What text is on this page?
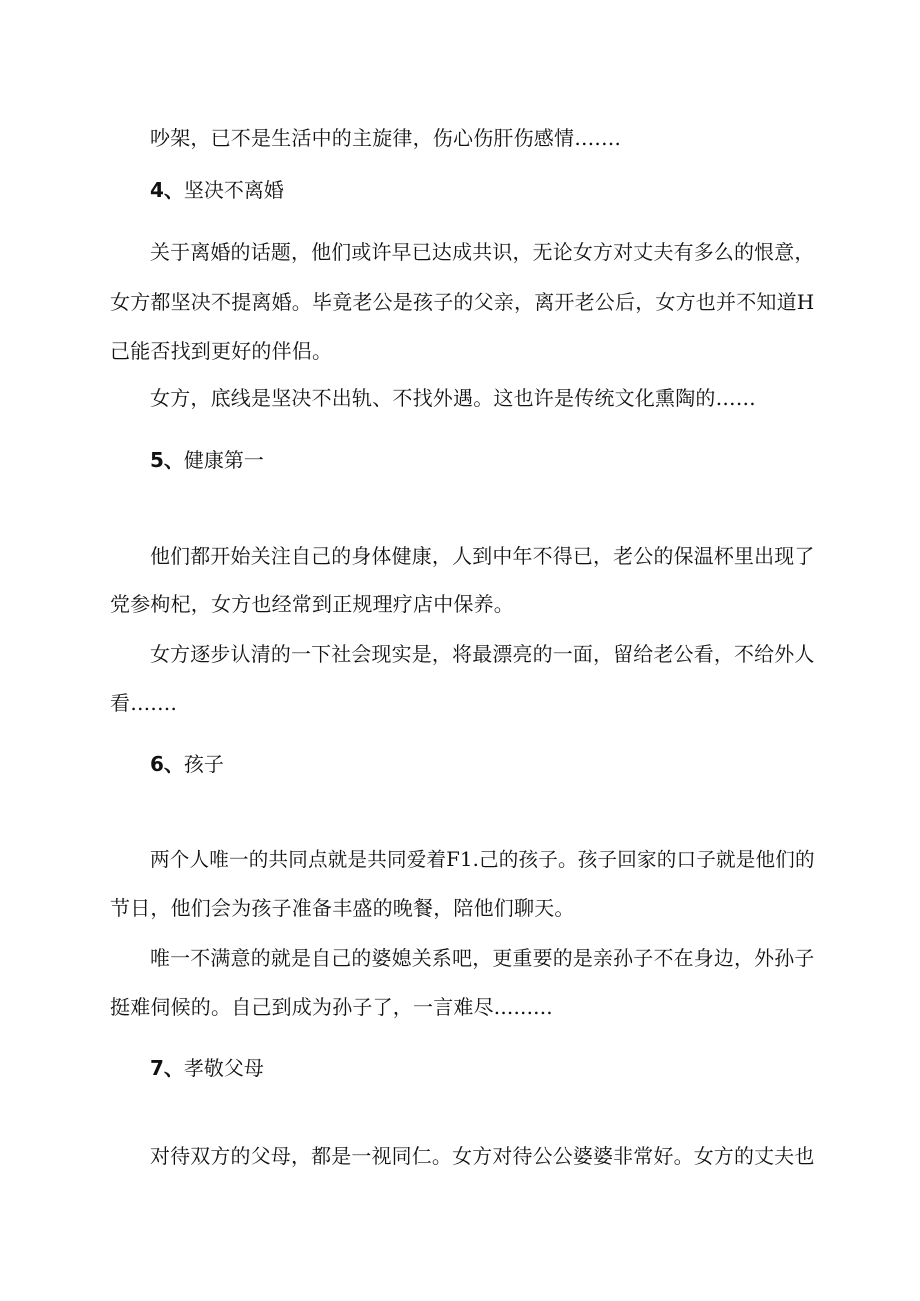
吵架，已不是生活中的主旋律，伤心伤肝伤感情….…
4、坚决不离婚
关于离婚的话题，他们或许早已达成共识，无论女方对丈夫有多么的恨意，
女方都坚决不提离婚。毕竟老公是孩子的父亲，离开老公后，女方也并不知道H
己能否找到更好的伴侣。
女方，底线是坚决不出轨、不找外遇。这也许是传统文化熏陶的……
5、健康第一
他们都开始关注自己的身体健康，人到中年不得已，老公的保温杯里出现了
党参枸杞，女方也经常到正规理疗店中保养。
女方逐步认清的一下社会现实是，将最漂亮的一面，留给老公看，不给外人
看….…
6、孩子
两个人唯一的共同点就是共同爱着F1.己的孩子。孩子回家的口子就是他们的
节日，他们会为孩子准备丰盛的晚餐，陪他们聊天。
唯一不满意的就是自己的婆媳关系吧，更重要的是亲孙子不在身边，外孙子
挺难伺候的。自己到成为孙子了，一言难尽.........
7、孝敬父母
对待双方的父母，都是一视同仁。女方对待公公婆婆非常好。女方的丈夫也
